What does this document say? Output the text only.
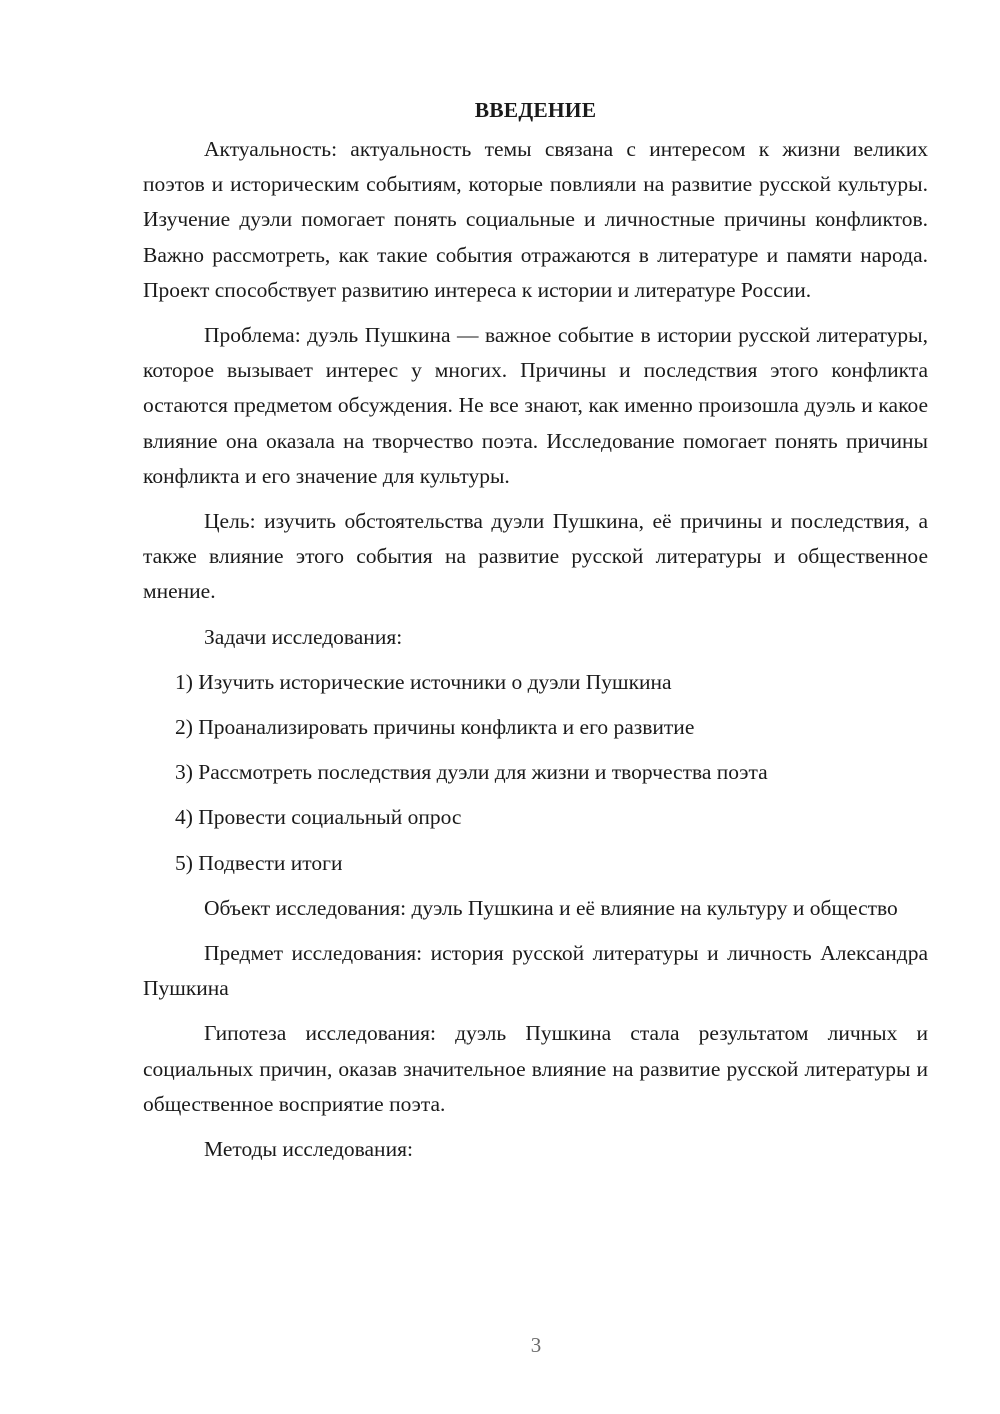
ВВЕДЕНИЕ

Актуальность: актуальность темы связана с интересом к жизни великих поэтов и историческим событиям, которые повлияли на развитие русской культуры. Изучение дуэли помогает понять социальные и личностные причины конфликтов. Важно рассмотреть, как такие события отражаются в литературе и памяти народа. Проект способствует развитию интереса к истории и литературе России.

Проблема: дуэль Пушкина — важное событие в истории русской литературы, которое вызывает интерес у многих. Причины и последствия этого конфликта остаются предметом обсуждения. Не все знают, как именно произошла дуэль и какое влияние она оказала на творчество поэта. Исследование помогает понять причины конфликта и его значение для культуры.

Цель: изучить обстоятельства дуэли Пушкина, её причины и последствия, а также влияние этого события на развитие русской литературы и общественное мнение.

Задачи исследования:

1) Изучить исторические источники о дуэли Пушкина
2) Проанализировать причины конфликта и его развитие
3) Рассмотреть последствия дуэли для жизни и творчества поэта
4) Провести социальный опрос
5) Подвести итоги

Объект исследования: дуэль Пушкина и её влияние на культуру и общество

Предмет исследования: история русской литературы и личность Александра Пушкина

Гипотеза исследования: дуэль Пушкина стала результатом личных и социальных причин, оказав значительное влияние на развитие русской литературы и общественное восприятие поэта.

Методы исследования:

3
